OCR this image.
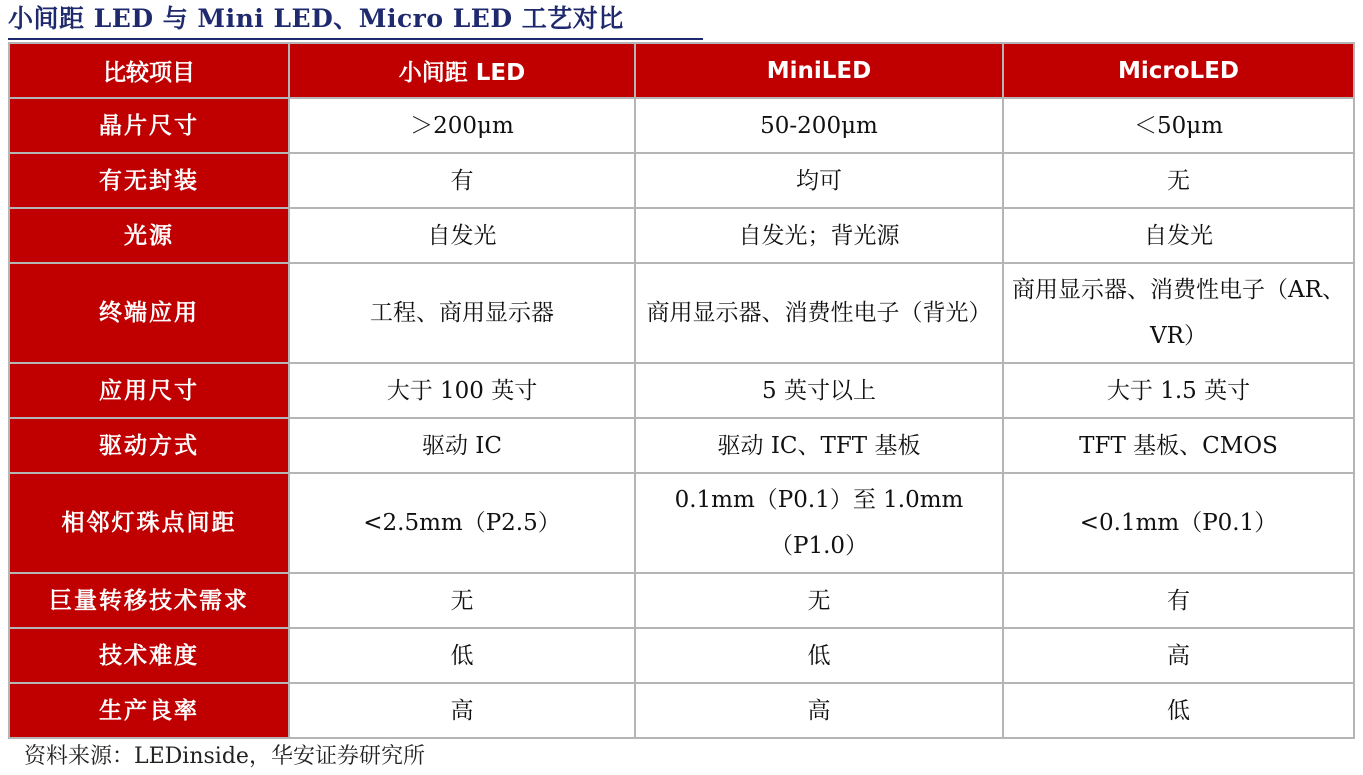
小间距 LED 与 Mini LED、Micro LED 工艺对比
比较项目	小间距 LED	MiniLED	MicroLED
晶片尺寸	＞200μm	50-200μm	＜50μm
有无封装	有	均可	无
光源	自发光	自发光；背光源	自发光
终端应用	工程、商用显示器	商用显示器、消费性电子（背光）	商用显示器、消费性电子（AR、VR）
应用尺寸	大于 100 英寸	5 英寸以上	大于 1.5 英寸
驱动方式	驱动 IC	驱动 IC、TFT 基板	TFT 基板、CMOS
相邻灯珠点间距	<2.5mm（P2.5）	0.1mm（P0.1）至 1.0mm（P1.0）	<0.1mm（P0.1）
巨量转移技术需求	无	无	有
技术难度	低	低	高
生产良率	高	高	低
资料来源：LEDinside，华安证券研究所
